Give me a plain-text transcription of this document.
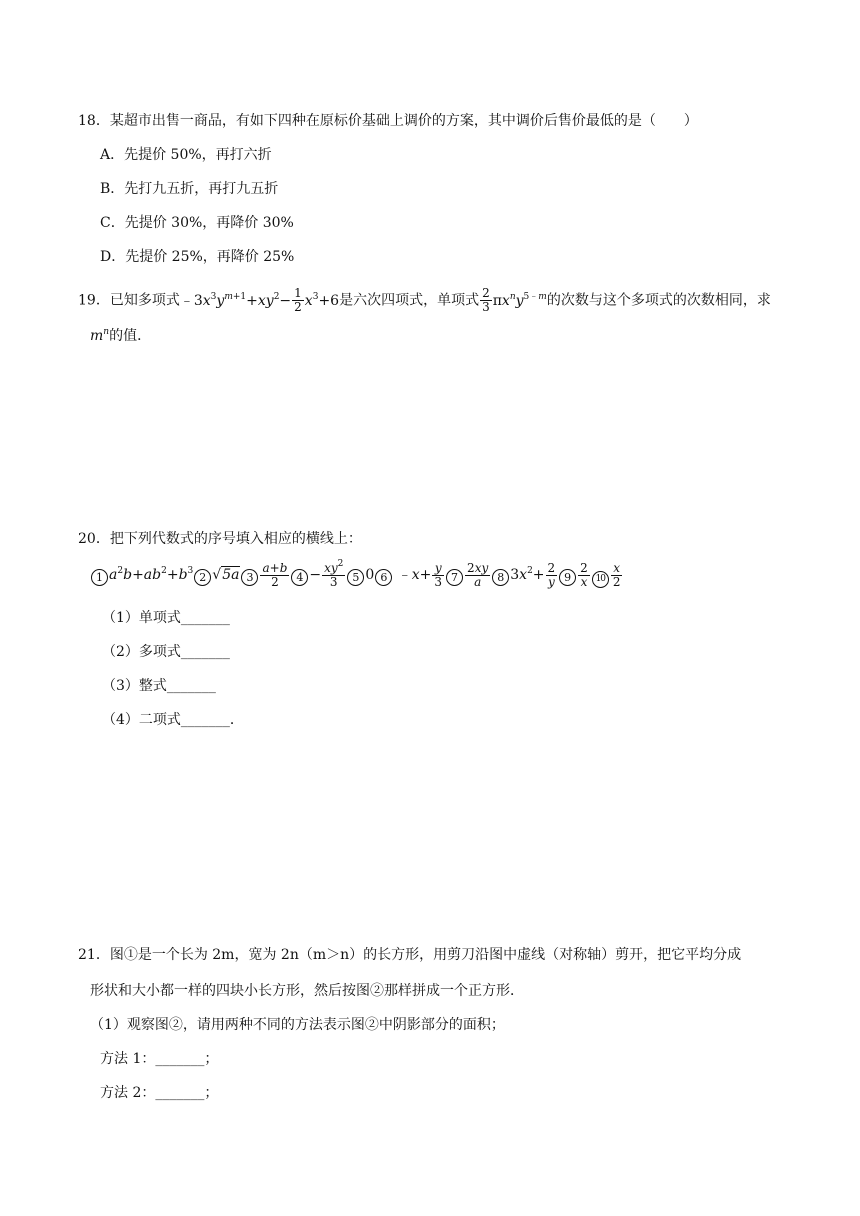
18．某超市出售一商品，有如下四种在原标价基础上调价的方案，其中调价后售价最低的是（　　）
A．先提价 50%，再打六折
B．先打九五折，再打九五折
C．先提价 30%，再降价 30%
D．先提价 25%，再降价 25%
19．已知多项式$﹣3x^3y^{m+1}+xy^2- \frac{1}{2} x^3+6$是六次四项式，单项式 $\frac{2}{3} \pi x^ny^{5﹣m}$的次数与这个多项式的次数相同，求
$m^n$的值．
20．把下列代数式的序号填入相应的横线上：
1 $a^2b+ab^2+b^3$ 2 √5a $3 \frac{a+b}{2} 4 - \frac{xy^2}{3} 5$ 0 6 ﹣x+ $\frac{y}{3} 7 \frac{2xy}{a} 8$ $3x^2+ \frac{2}{y} 9 \frac{2}{x} 10 \frac{x}{2}$
（1）单项式_______
（2）多项式_______
（3）整式_______
（4）二项式_______．
21．图①是一个长为 2m，宽为 2n（m＞n）的长方形，用剪刀沿图中虚线（对称轴）剪开，把它平均分成
形状和大小都一样的四块小长方形，然后按图②那样拼成一个正方形．
（1）观察图②，请用两种不同的方法表示图②中阴影部分的面积；
方法 1：_______；
方法 2：_______；
